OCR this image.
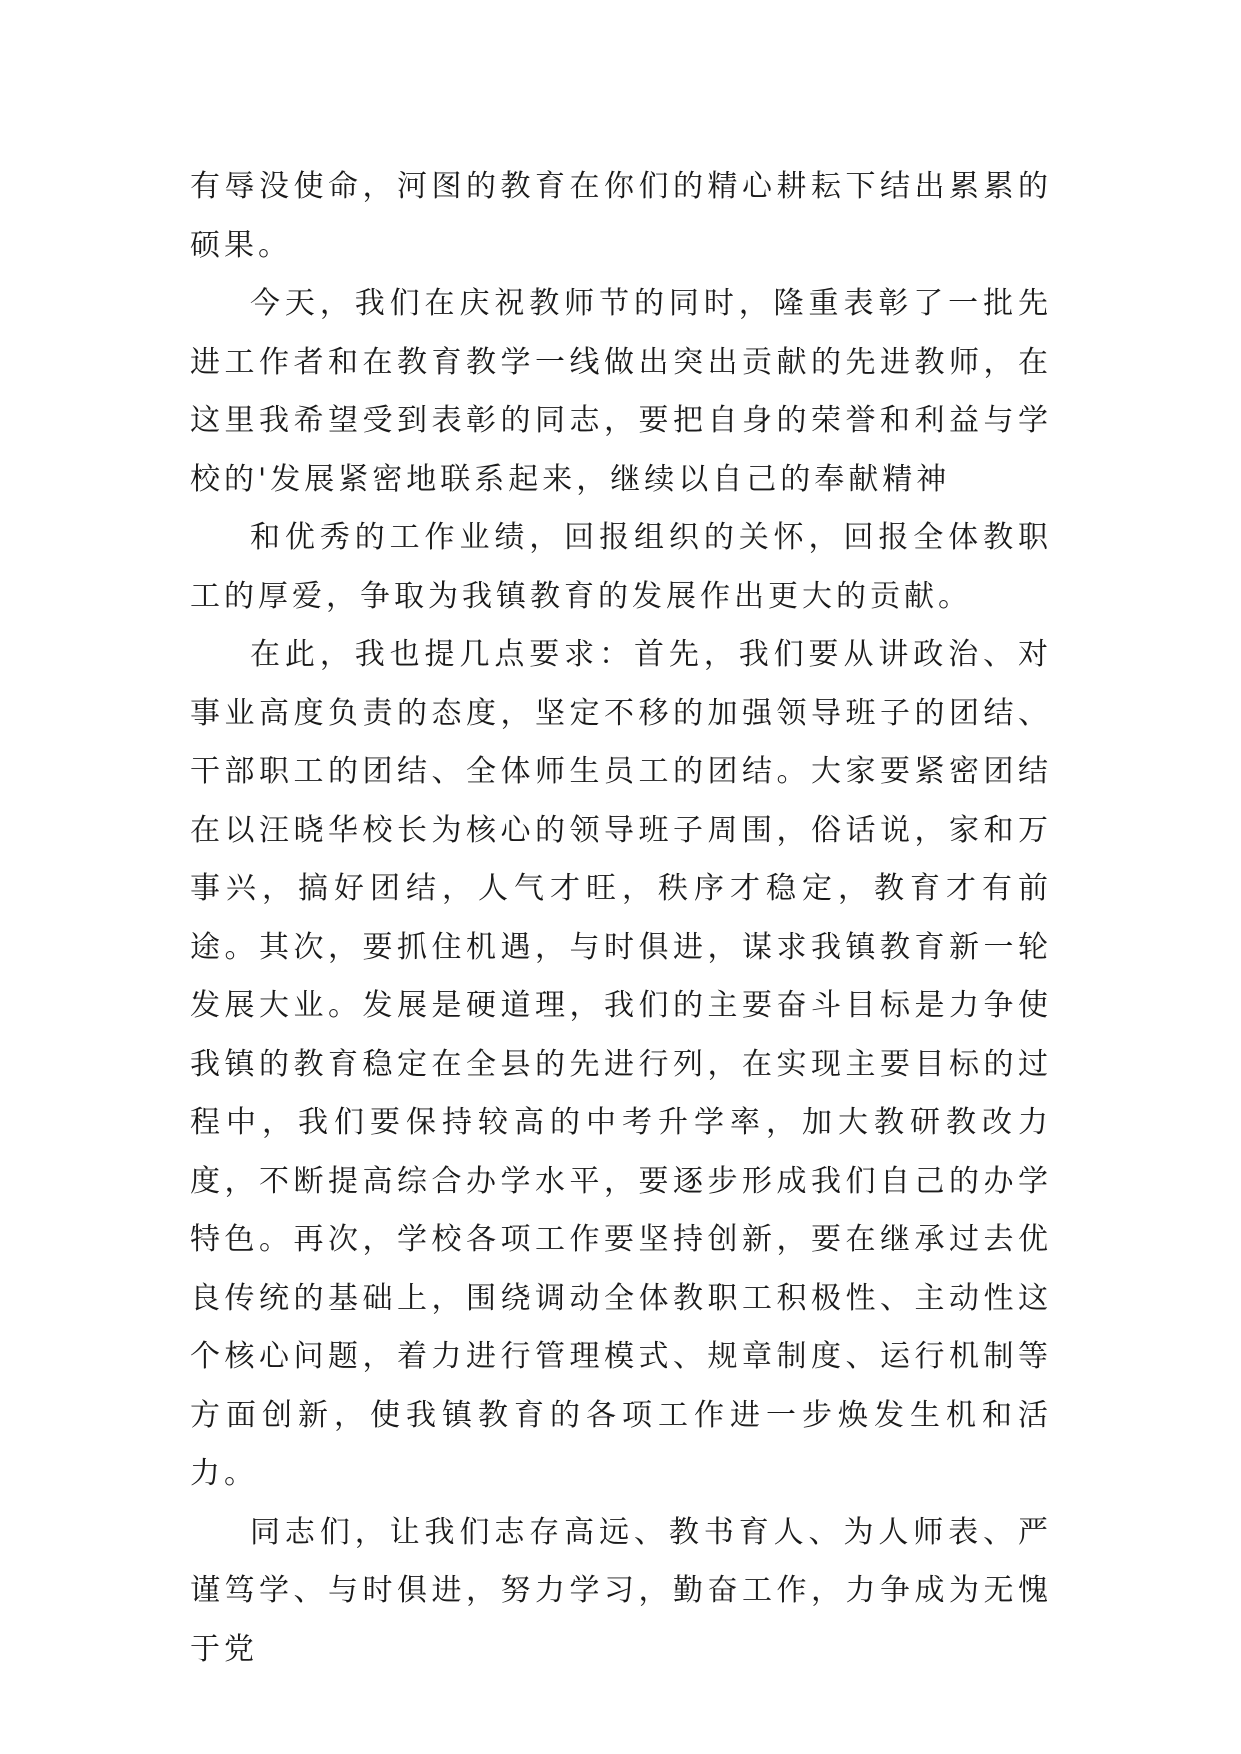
有辱没使命，河图的教育在你们的精心耕耘下结出累累的硕果。

今天，我们在庆祝教师节的同时，隆重表彰了一批先进工作者和在教育教学一线做出突出贡献的先进教师，在这里我希望受到表彰的同志，要把自身的荣誉和利益与学校的'发展紧密地联系起来，继续以自己的奉献精神

和优秀的工作业绩，回报组织的关怀，回报全体教职工的厚爱，争取为我镇教育的发展作出更大的贡献。

在此，我也提几点要求：首先，我们要从讲政治、对事业高度负责的态度，坚定不移的加强领导班子的团结、干部职工的团结、全体师生员工的团结。大家要紧密团结在以汪晓华校长为核心的领导班子周围，俗话说，家和万事兴，搞好团结，人气才旺，秩序才稳定，教育才有前途。其次，要抓住机遇，与时俱进，谋求我镇教育新一轮发展大业。发展是硬道理，我们的主要奋斗目标是力争使我镇的教育稳定在全县的先进行列，在实现主要目标的过程中，我们要保持较高的中考升学率，加大教研教改力度，不断提高综合办学水平，要逐步形成我们自己的办学特色。再次，学校各项工作要坚持创新，要在继承过去优良传统的基础上，围绕调动全体教职工积极性、主动性这个核心问题，着力进行管理模式、规章制度、运行机制等方面创新，使我镇教育的各项工作进一步焕发生机和活力。

同志们，让我们志存高远、教书育人、为人师表、严谨笃学、与时俱进，努力学习，勤奋工作，力争成为无愧于党
